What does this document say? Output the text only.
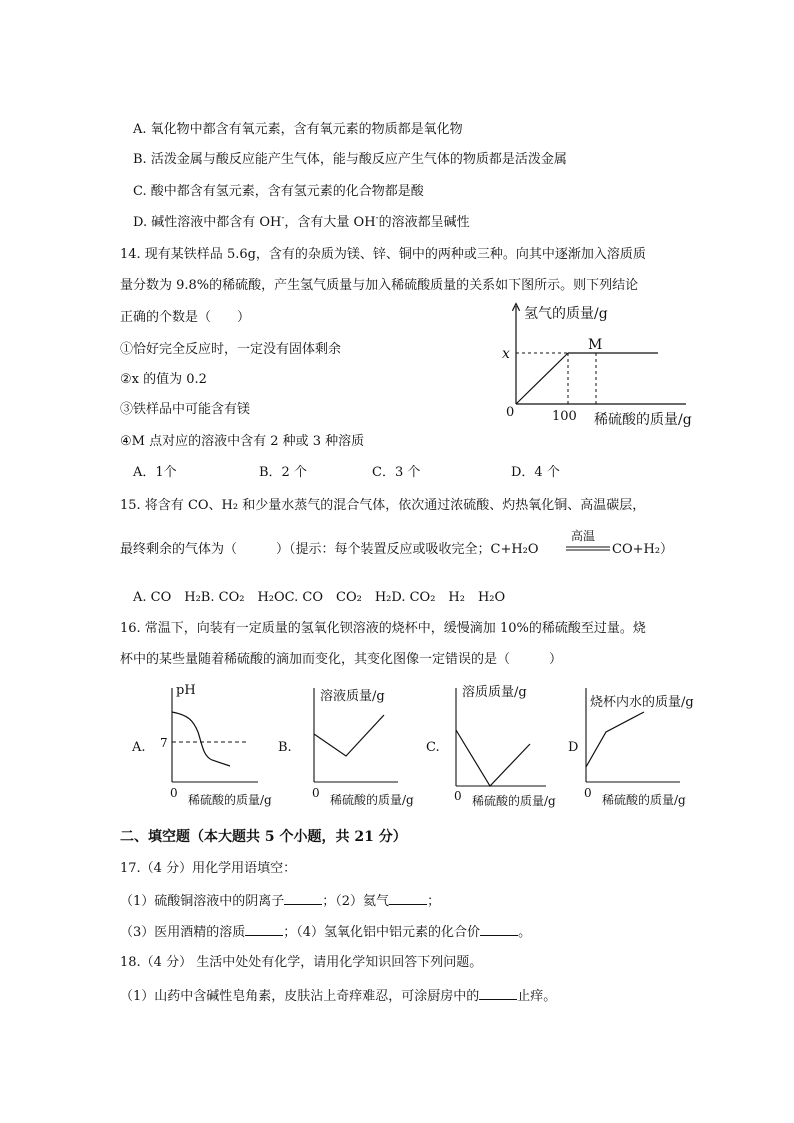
A. 氧化物中都含有氧元素，含有氧元素的物质都是氧化物
B. 活泼金属与酸反应能产生气体，能与酸反应产生气体的物质都是活泼金属
C. 酸中都含有氢元素，含有氢元素的化合物都是酸
D. 碱性溶液中都含有 OH-，含有大量 OH-的溶液都呈碱性
14. 现有某铁样品 5.6g，含有的杂质为镁、锌、铜中的两种或三种。向其中逐渐加入溶质质
量分数为 9.8%的稀硫酸，产生氢气质量与加入稀硫酸质量的关系如下图所示。则下列结论
正确的个数是（　　）
①恰好完全反应时，一定没有固体剩余
②x 的值为 0.2
③铁样品中可能含有镁
④M 点对应的溶液中含有 2 种或 3 种溶质
A．1个	B．2 个	C．3 个	D．4 个
氢气的质量/g
x
M
0	100 稀硫酸的质量/g
15. 将含有 CO、H₂ 和少量水蒸气的混合气体，依次通过浓硫酸、灼热氧化铜、高温碳层，
最终剩余的气体为（　　　）（提示：每个装置反应或吸收完全；C+H₂O
高温
CO+H₂）
A. CO　H₂B. CO₂　H₂OC. CO　CO₂　H₂D. CO₂　H₂　H₂O
16. 常温下，向装有一定质量的氢氧化钡溶液的烧杯中，缓慢滴加 10%的稀硫酸至过量。烧
杯中的某些量随着稀硫酸的滴加而变化，其变化图像一定错误的是（　　　）
A.
pH
7
0 稀硫酸的质量/g
B.
溶液质量/g
0 稀硫酸的质量/g
C.
溶质质量/g
0 稀硫酸的质量/g
D
烧杯内水的质量/g
0 稀硫酸的质量/g
二、填空题（本大题共 5 个小题，共 21 分）
17.（4 分）用化学用语填空：
（1）硫酸铜溶液中的阴离子	；（2）氦气	；
（3）医用酒精的溶质	；（4）氢氧化铝中铝元素的化合价	。
18.（4 分） 生活中处处有化学，请用化学知识回答下列问题。
（1）山药中含碱性皂角素，皮肤沾上奇痒难忍，可涂厨房中的	止痒。
